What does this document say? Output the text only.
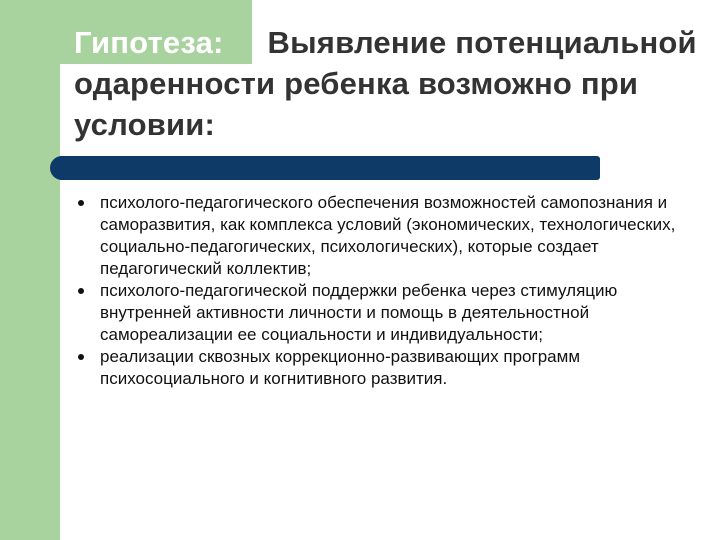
Гипотеза: Выявление потенциальной одаренности ребенка возможно при условии:
психолого-педагогического обеспечения возможностей самопознания и саморазвития, как комплекса условий (экономических, технологических, социально-педагогических, психологических), которые создает педагогический коллектив;
психолого-педагогической поддержки ребенка через стимуляцию внутренней активности личности и помощь в деятельностной самореализации ее социальности и индивидуальности;
реализации сквозных коррекционно-развивающих программ психосоциального и когнитивного развития.
